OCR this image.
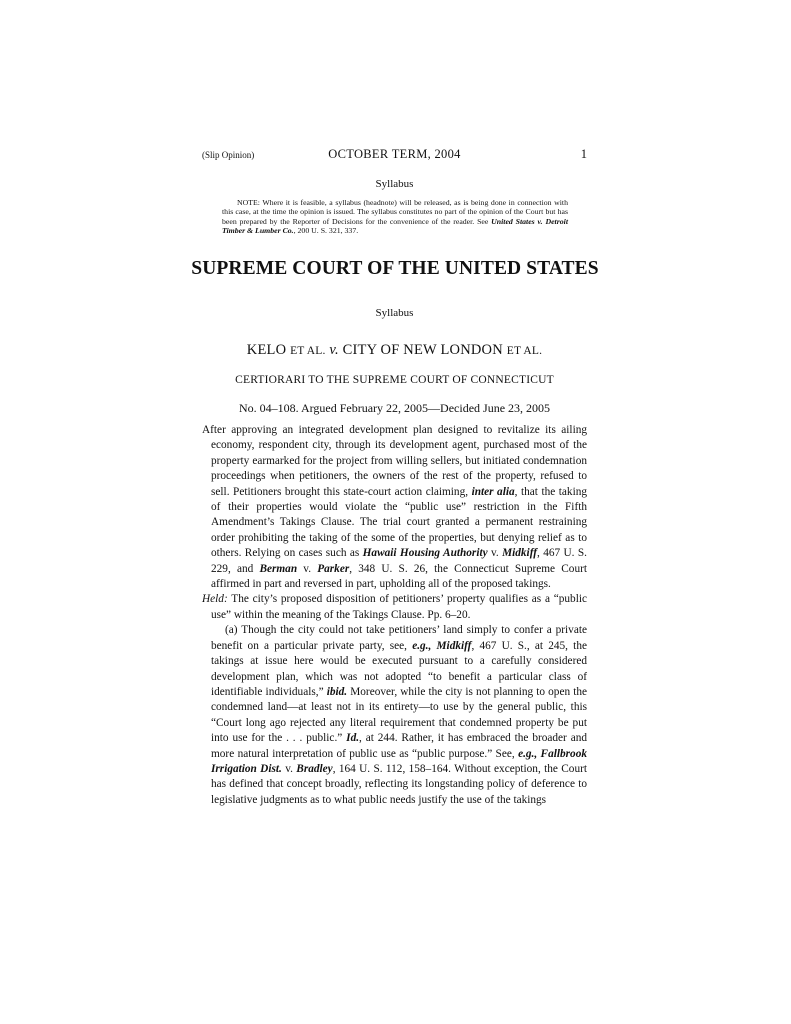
(Slip Opinion)	OCTOBER TERM, 2004	1
Syllabus
NOTE: Where it is feasible, a syllabus (headnote) will be released, as is being done in connection with this case, at the time the opinion is issued. The syllabus constitutes no part of the opinion of the Court but has been prepared by the Reporter of Decisions for the convenience of the reader. See United States v. Detroit Timber & Lumber Co., 200 U. S. 321, 337.
SUPREME COURT OF THE UNITED STATES
Syllabus
KELO ET AL. v. CITY OF NEW LONDON ET AL.
CERTIORARI TO THE SUPREME COURT OF CONNECTICUT
No. 04–108. Argued February 22, 2005—Decided June 23, 2005

After approving an integrated development plan designed to revitalize its ailing economy, respondent city, through its development agent, purchased most of the property earmarked for the project from willing sellers, but initiated condemnation proceedings when petitioners, the owners of the rest of the property, refused to sell. Petitioners brought this state-court action claiming, inter alia, that the taking of their properties would violate the “public use” restriction in the Fifth Amendment’s Takings Clause. The trial court granted a permanent restraining order prohibiting the taking of the some of the properties, but denying relief as to others. Relying on cases such as Hawaii Housing Authority v. Midkiff, 467 U. S. 229, and Berman v. Parker, 348 U. S. 26, the Connecticut Supreme Court affirmed in part and reversed in part, upholding all of the proposed takings.

Held: The city’s proposed disposition of petitioners’ property qualifies as a “public use” within the meaning of the Takings Clause. Pp. 6–20.

(a) Though the city could not take petitioners’ land simply to confer a private benefit on a particular private party, see, e.g., Midkiff, 467 U. S., at 245, the takings at issue here would be executed pursuant to a carefully considered development plan, which was not adopted “to benefit a particular class of identifiable individuals,” ibid. Moreover, while the city is not planning to open the condemned land—at least not in its entirety—to use by the general public, this “Court long ago rejected any literal requirement that condemned property be put into use for the . . . public.” Id., at 244. Rather, it has embraced the broader and more natural interpretation of public use as “public purpose.” See, e.g., Fallbrook Irrigation Dist. v. Bradley, 164 U. S. 112, 158–164. Without exception, the Court has defined that concept broadly, reflecting its longstanding policy of deference to legislative judgments as to what public needs justify the use of the takings
